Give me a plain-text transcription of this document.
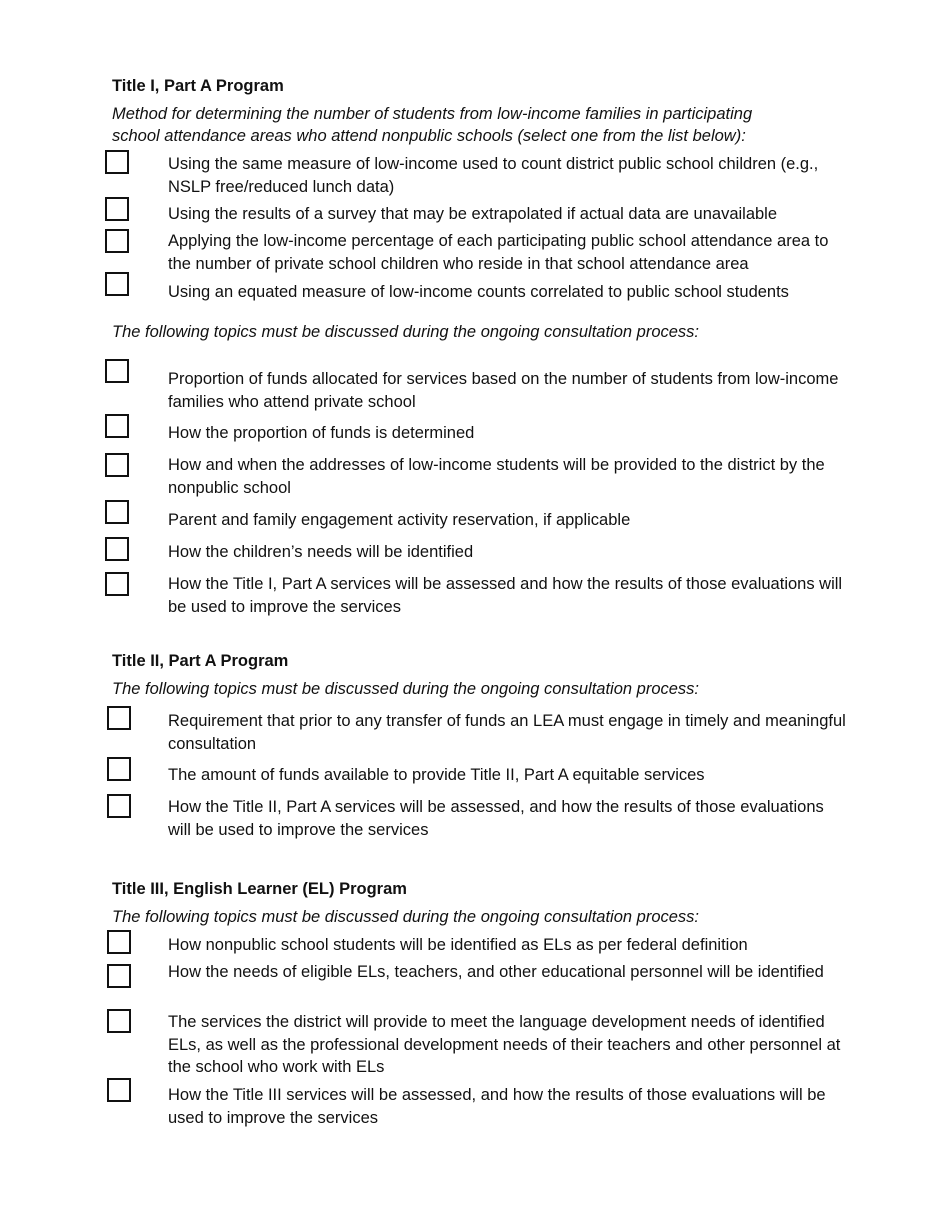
Title I, Part A Program
Method for determining the number of students from low-income families in participating
school attendance areas who attend nonpublic schools (select one from the list below):
Using the same measure of low-income used to count district public school children (e.g., NSLP free/reduced lunch data)
Using the results of a survey that may be extrapolated if actual data are unavailable
Applying the low-income percentage of each participating public school attendance area to the number of private school children who reside in that school attendance area
Using an equated measure of low-income counts correlated to public school students
The following topics must be discussed during the ongoing consultation process:
Proportion of funds allocated for services based on the number of students from low-income families who attend private school
How the proportion of funds is determined
How and when the addresses of low-income students will be provided to the district by the nonpublic school
Parent and family engagement activity reservation, if applicable
How the children’s needs will be identified
How the Title I, Part A services will be assessed and how the results of those evaluations will be used to improve the services
Title II, Part A Program
The following topics must be discussed during the ongoing consultation process:
Requirement that prior to any transfer of funds an LEA must engage in timely and meaningful consultation
The amount of funds available to provide Title II, Part A equitable services
How the Title II, Part A services will be assessed, and how the results of those evaluations will be used to improve the services
Title III, English Learner (EL) Program
The following topics must be discussed during the ongoing consultation process:
How nonpublic school students will be identified as ELs as per federal definition
How the needs of eligible ELs, teachers, and other educational personnel will be identified
The services the district will provide to meet the language development needs of identified ELs, as well as the professional development needs of their teachers and other personnel at the school who work with ELs
How the Title III services will be assessed, and how the results of those evaluations will be used to improve the services
